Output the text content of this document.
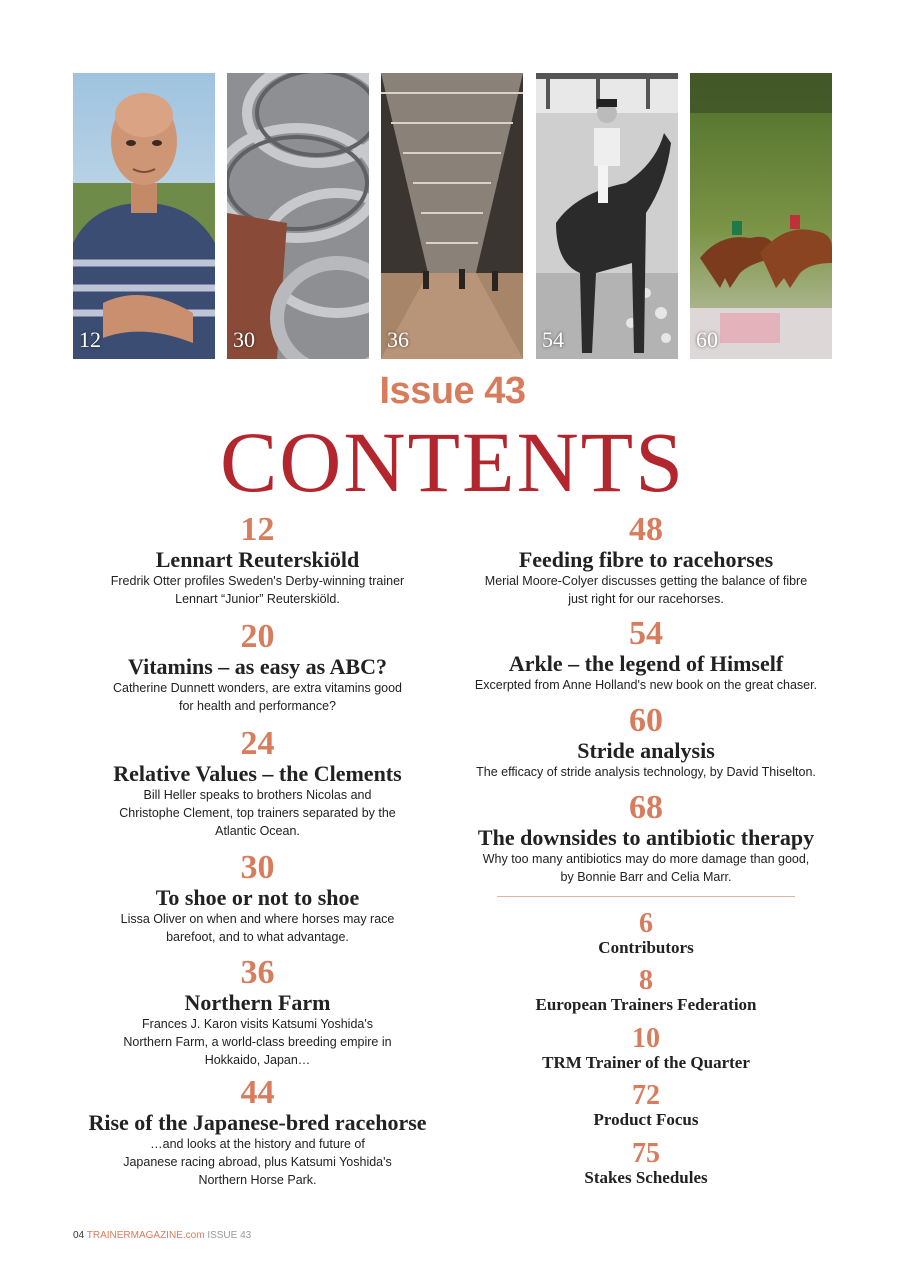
12	30	36	54	60
Issue 43
CONTENTS
12
Lennart Reuterskiöld
Fredrik Otter profiles Sweden's Derby-winning trainer
Lennart “Junior” Reuterskiöld.
20
Vitamins – as easy as ABC?
Catherine Dunnett wonders, are extra vitamins good
for health and performance?
24
Relative Values – the Clements
Bill Heller speaks to brothers Nicolas and
Christophe Clement, top trainers separated by the
Atlantic Ocean.
30
To shoe or not to shoe
Lissa Oliver on when and where horses may race
barefoot, and to what advantage.
36
Northern Farm
Frances J. Karon visits Katsumi Yoshida's
Northern Farm, a world-class breeding empire in
Hokkaido, Japan…
44
Rise of the Japanese-bred racehorse
…and looks at the history and future of
Japanese racing abroad, plus Katsumi Yoshida's
Northern Horse Park.
48
Feeding fibre to racehorses
Merial Moore-Colyer discusses getting the balance of fibre
just right for our racehorses.
54
Arkle – the legend of Himself
Excerpted from Anne Holland's new book on the great chaser.
60
Stride analysis
The efficacy of stride analysis technology, by David Thiselton.
68
The downsides to antibiotic therapy
Why too many antibiotics may do more damage than good,
by Bonnie Barr and Celia Marr.
6
Contributors
8
European Trainers Federation
10
TRM Trainer of the Quarter
72
Product Focus
75
Stakes Schedules
04 TRAINERMAGAZINE.com ISSUE 43
